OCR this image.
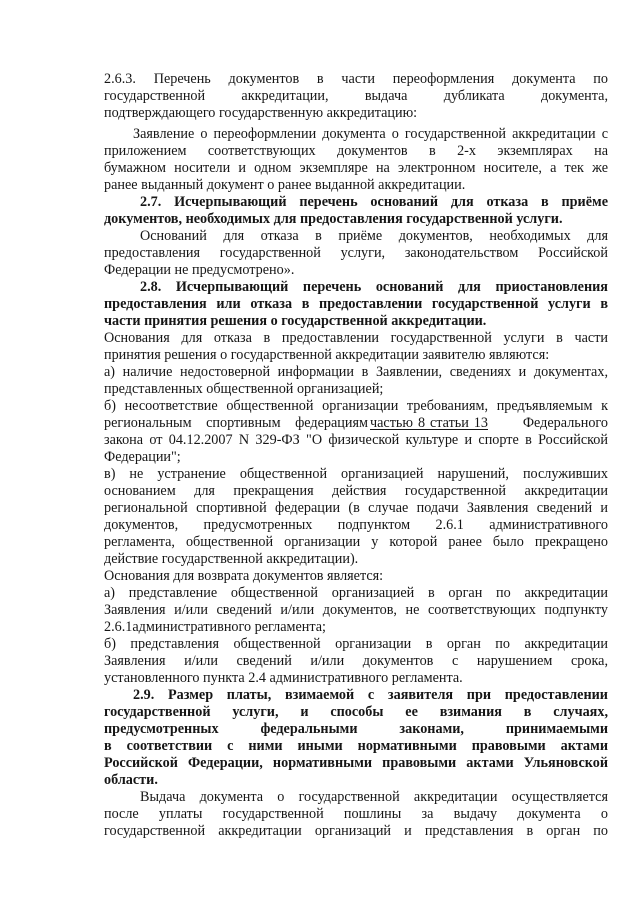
2.6.3. Перечень документов в части переоформления документа по
государственной аккредитации, выдача дубликата документа,
подтверждающего государственную аккредитацию:
Заявление о переоформлении документа о государственной аккредитации с
приложением соответствующих документов в 2-х экземплярах на
бумажном носители и одном экземпляре на электронном носителе, а тек же
ранее выданный документ о ранее выданной аккредитации.
2.7. Исчерпывающий перечень оснований для отказа в приёме
документов, необходимых для предоставления государственной услуги.
Оснований для отказа в приёме документов, необходимых для
предоставления государственной услуги, законодательством Российской
Федерации не предусмотрено».
2.8. Исчерпывающий перечень оснований для приостановления
предоставления или отказа в предоставлении государственной услуги в
части принятия решения о государственной аккредитации.
Основания для отказа в предоставлении государственной услуги в части
принятия решения о государственной аккредитации заявителю являются:
а) наличие недостоверной информации в Заявлении, сведениях и документах,
представленных общественной организацией;
б) несоответствие общественной организации требованиям, предъявляемым к
региональным спортивным федерациям частью 8 статьи 13	Федерального
закона от 04.12.2007 N 329-ФЗ "О физической культуре и спорте в Российской
Федерации";
в) не устранение общественной организацией нарушений, послуживших
основанием для прекращения действия государственной аккредитации
региональной спортивной федерации (в случае подачи Заявления сведений и
документов, предусмотренных подпунктом 2.6.1 административного
регламента, общественной организации у которой ранее было прекращено
действие государственной аккредитации).
Основания для возврата документов является:
а) представление общественной организацией в орган по аккредитации
Заявления и/или сведений и/или документов, не соответствующих подпункту
2.6.1административного регламента;
б) представления общественной организации в орган по аккредитации
Заявления и/или сведений и/или документов с нарушением срока,
установленного пункта 2.4 административного регламента.
2.9. Размер платы, взимаемой с заявителя при предоставлении
государственной услуги, и способы ее взимания в случаях,
предусмотренных федеральными законами, принимаемыми
в соответствии с ними иными нормативными правовыми актами
Российской Федерации, нормативными правовыми актами Ульяновской
области.
Выдача документа о государственной аккредитации осуществляется
после уплаты государственной пошлины за выдачу документа о
государственной аккредитации организаций и представления в орган по
